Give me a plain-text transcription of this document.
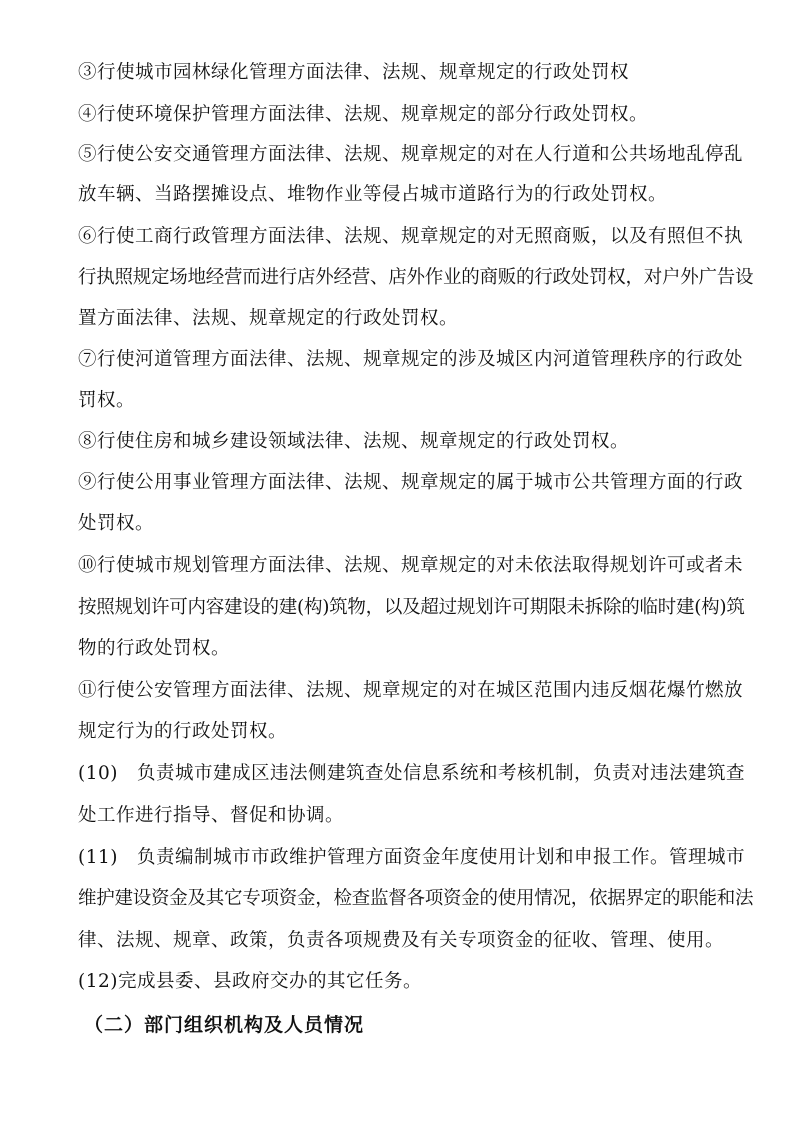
③行使城市园林绿化管理方面法律、法规、规章规定的行政处罚权
④行使环境保护管理方面法律、法规、规章规定的部分行政处罚权。
⑤行使公安交通管理方面法律、法规、规章规定的对在人行道和公共场地乱停乱
放车辆、当路摆摊设点、堆物作业等侵占城市道路行为的行政处罚权。
⑥行使工商行政管理方面法律、法规、规章规定的对无照商贩，以及有照但不执
行执照规定场地经营而进行店外经营、店外作业的商贩的行政处罚权，对户外广告设
置方面法律、法规、规章规定的行政处罚权。
⑦行使河道管理方面法律、法规、规章规定的涉及城区内河道管理秩序的行政处
罚权。
⑧行使住房和城乡建设领域法律、法规、规章规定的行政处罚权。
⑨行使公用事业管理方面法律、法规、规章规定的属于城市公共管理方面的行政
处罚权。
⑩行使城市规划管理方面法律、法规、规章规定的对未依法取得规划许可或者未
按照规划许可内容建设的建(构)筑物，以及超过规划许可期限未拆除的临时建(构)筑
物的行政处罚权。
⑪行使公安管理方面法律、法规、规章规定的对在城区范围内违反烟花爆竹燃放
规定行为的行政处罚权。
(10)　负责城市建成区违法侧建筑查处信息系统和考核机制，负责对违法建筑查
处工作进行指导、督促和协调。
(11)　负责编制城市市政维护管理方面资金年度使用计划和申报工作。管理城市
维护建设资金及其它专项资金，检查监督各项资金的使用情况，依据界定的职能和法
律、法规、规章、政策，负责各项规费及有关专项资金的征收、管理、使用。
(12)完成县委、县政府交办的其它任务。
（二）部门组织机构及人员情况
